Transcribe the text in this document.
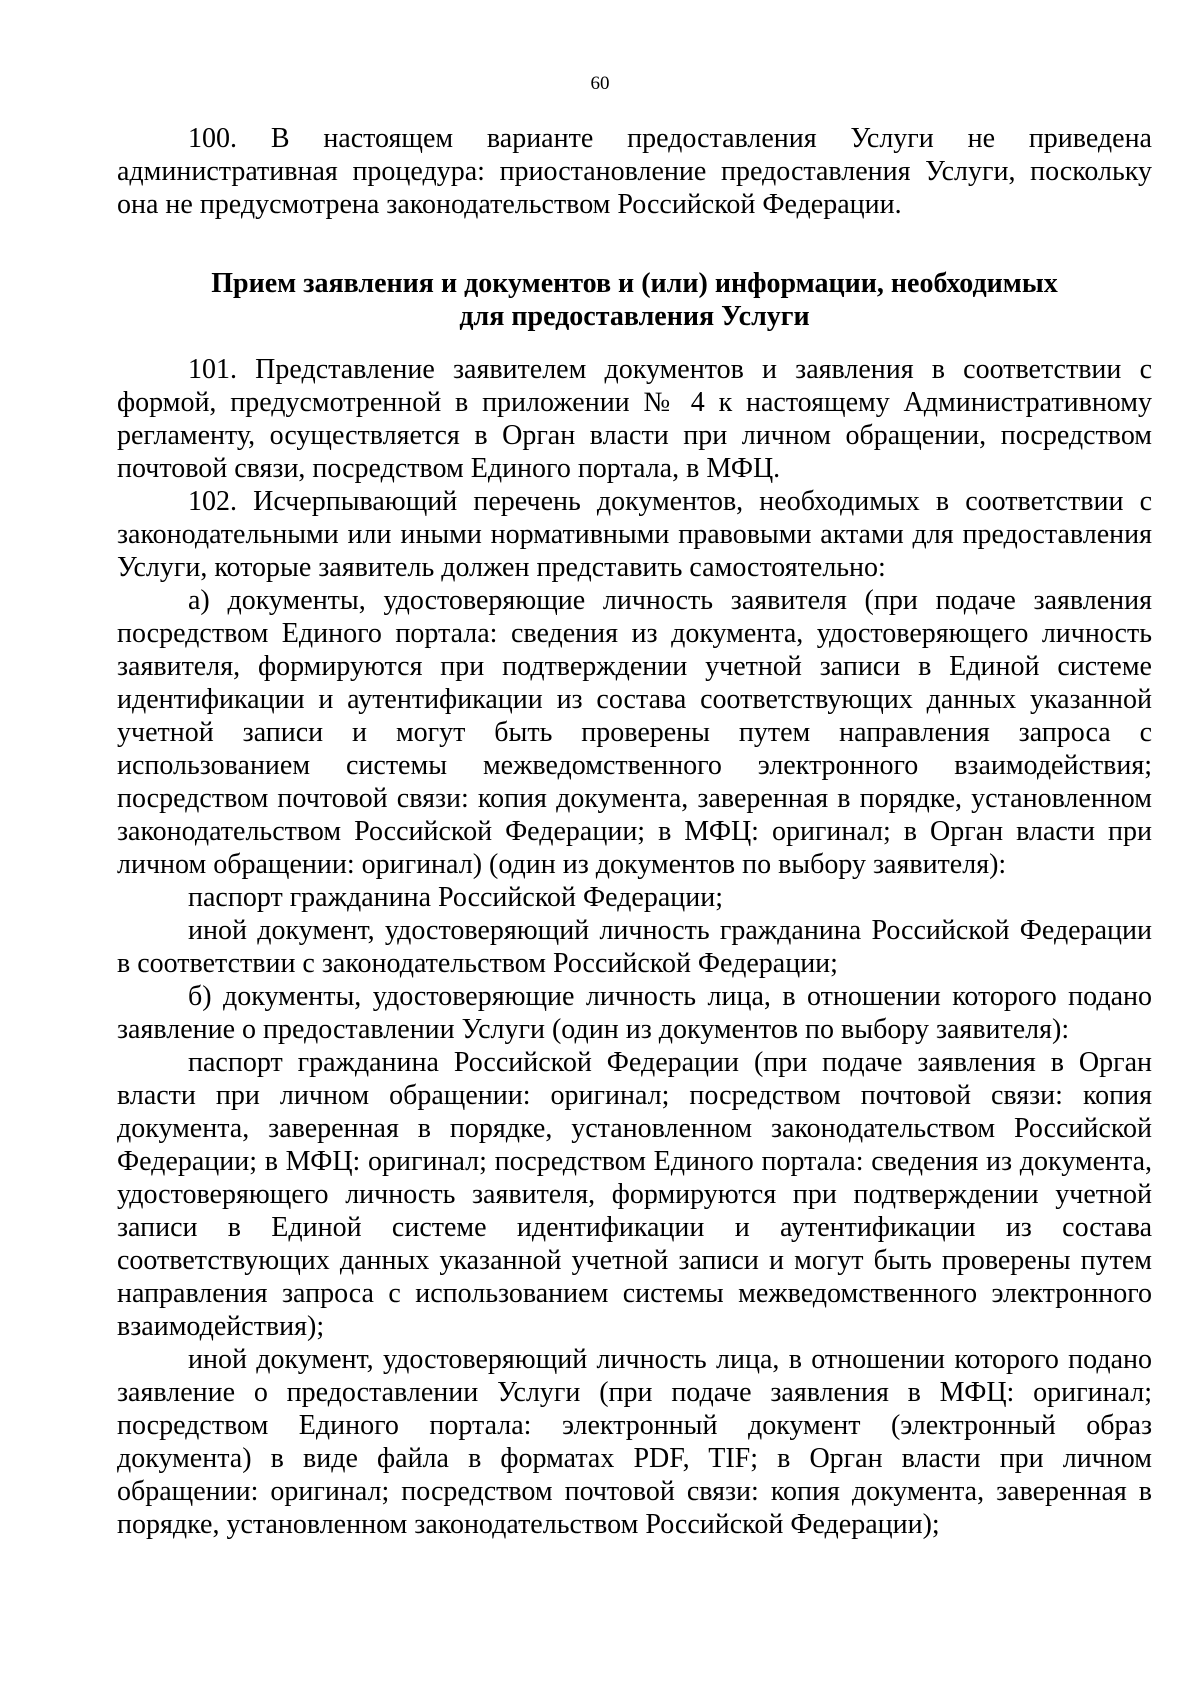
60

100. В настоящем варианте предоставления Услуги не приведена административная процедура: приостановление предоставления Услуги, поскольку она не предусмотрена законодательством Российской Федерации.

Прием заявления и документов и (или) информации, необходимых для предоставления Услуги

101. Представление заявителем документов и заявления в соответствии с формой, предусмотренной в приложении № 4 к настоящему Административному регламенту, осуществляется в Орган власти при личном обращении, посредством почтовой связи, посредством Единого портала, в МФЦ.

102. Исчерпывающий перечень документов, необходимых в соответствии с законодательными или иными нормативными правовыми актами для предоставления Услуги, которые заявитель должен представить самостоятельно:

а) документы, удостоверяющие личность заявителя (при подаче заявления посредством Единого портала: сведения из документа, удостоверяющего личность заявителя, формируются при подтверждении учетной записи в Единой системе идентификации и аутентификации из состава соответствующих данных указанной учетной записи и могут быть проверены путем направления запроса с использованием системы межведомственного электронного взаимодействия; посредством почтовой связи: копия документа, заверенная в порядке, установленном законодательством Российской Федерации; в МФЦ: оригинал; в Орган власти при личном обращении: оригинал) (один из документов по выбору заявителя):

паспорт гражданина Российской Федерации;

иной документ, удостоверяющий личность гражданина Российской Федерации в соответствии с законодательством Российской Федерации;

б) документы, удостоверяющие личность лица, в отношении которого подано заявление о предоставлении Услуги (один из документов по выбору заявителя):

паспорт гражданина Российской Федерации (при подаче заявления в Орган власти при личном обращении: оригинал; посредством почтовой связи: копия документа, заверенная в порядке, установленном законодательством Российской Федерации; в МФЦ: оригинал; посредством Единого портала: сведения из документа, удостоверяющего личность заявителя, формируются при подтверждении учетной записи в Единой системе идентификации и аутентификации из состава соответствующих данных указанной учетной записи и могут быть проверены путем направления запроса с использованием системы межведомственного электронного взаимодействия);

иной документ, удостоверяющий личность лица, в отношении которого подано заявление о предоставлении Услуги (при подаче заявления в МФЦ: оригинал; посредством Единого портала: электронный документ (электронный образ документа) в виде файла в форматах PDF, TIF; в Орган власти при личном обращении: оригинал; посредством почтовой связи: копия документа, заверенная в порядке, установленном законодательством Российской Федерации);
